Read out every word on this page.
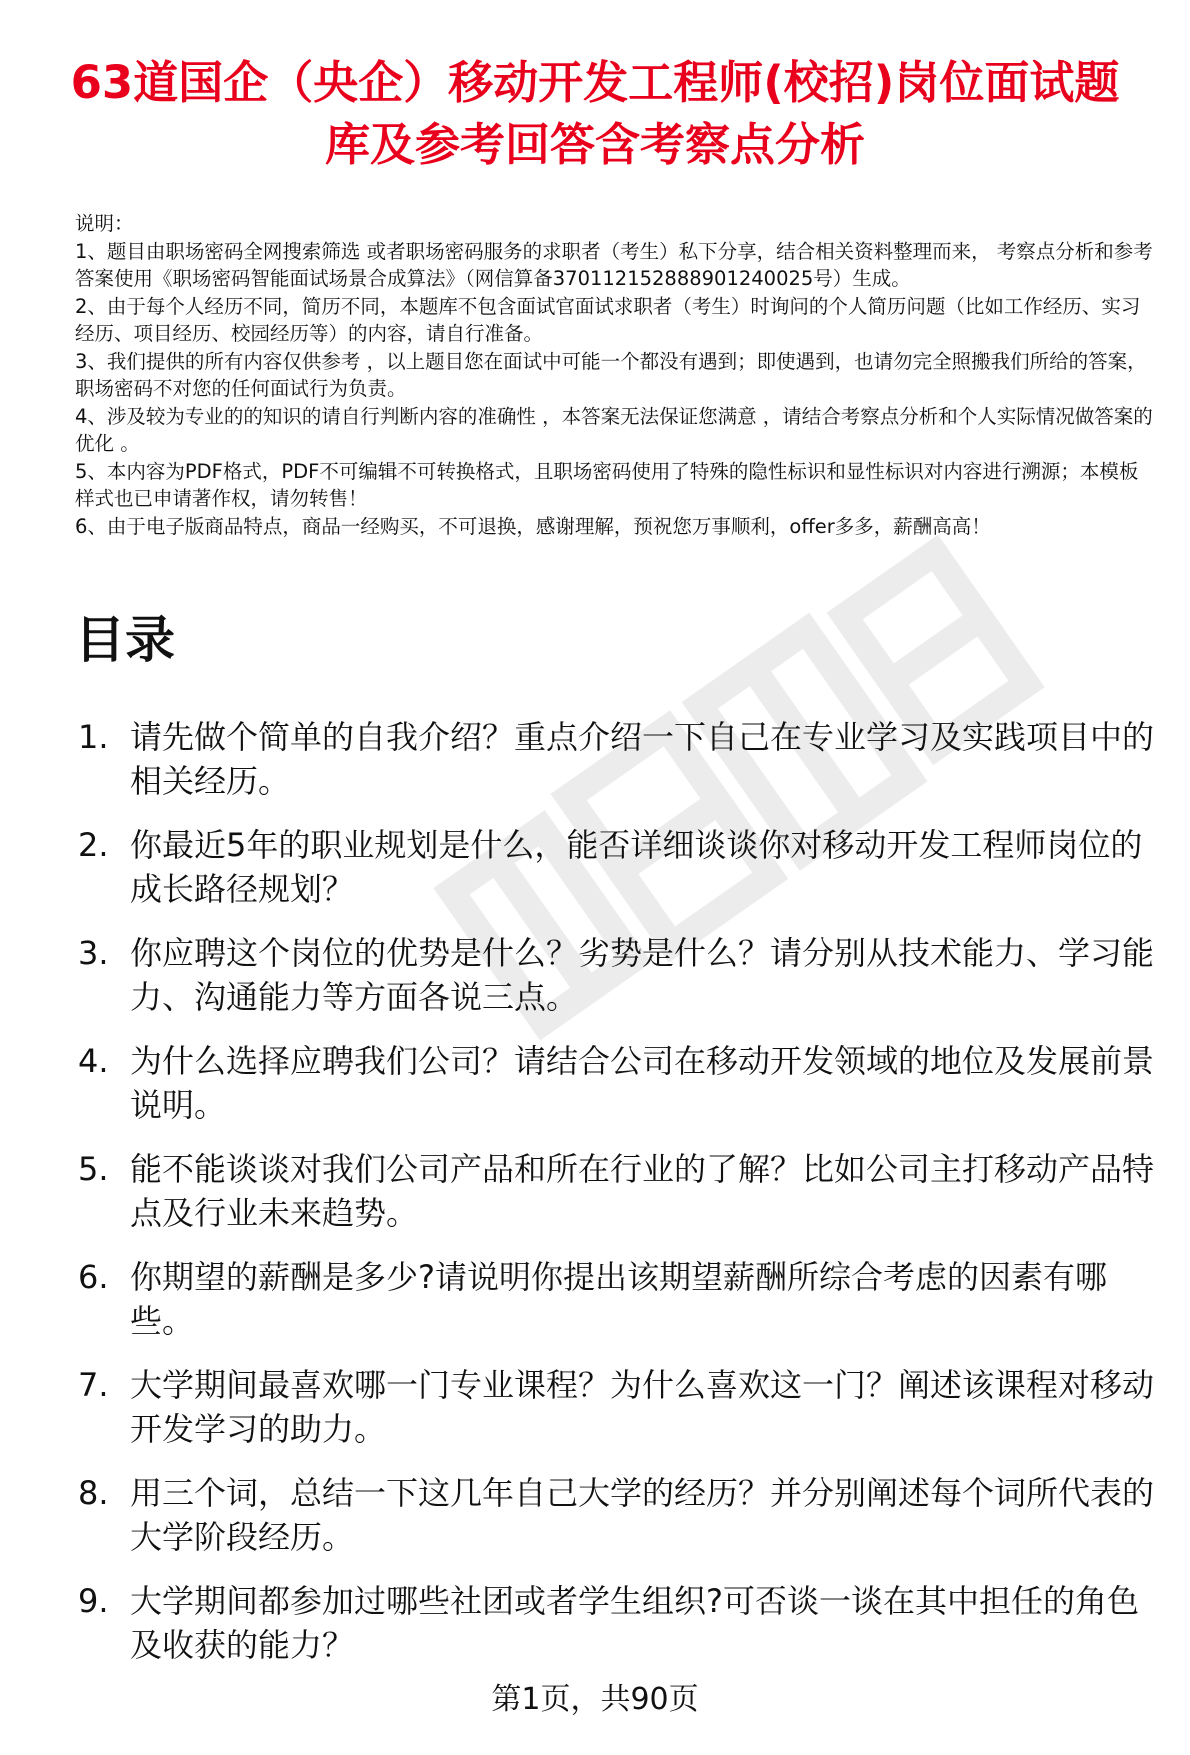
63道国企（央企）移动开发工程师(校招)岗位面试题库及参考回答含考察点分析
说明：
1、题目由职场密码全网搜索筛选 或者职场密码服务的求职者（考生）私下分享，结合相关资料整理而来， 考察点分析和参考答案使用《职场密码智能面试场景合成算法》（网信算备370112152888901240025号）生成。
2、由于每个人经历不同，简历不同，本题库不包含面试官面试求职者（考生）时询问的个人简历问题（比如工作经历、实习经历、项目经历、校园经历等）的内容，请自行准备。
3、我们提供的所有内容仅供参考 ，以上题目您在面试中可能一个都没有遇到；即使遇到，也请勿完全照搬我们所给的答案，职场密码不对您的任何面试行为负责。
4、涉及较为专业的的知识的请自行判断内容的准确性 ，本答案无法保证您满意 ，请结合考察点分析和个人实际情况做答案的优化 。
5、本内容为PDF格式，PDF不可编辑不可转换格式，且职场密码使用了特殊的隐性标识和显性标识对内容进行溯源；本模板样式也已申请著作权，请勿转售！
6、由于电子版商品特点，商品一经购买，不可退换，感谢理解，预祝您万事顺利，offer多多，薪酬高高！
目录
1. 请先做个简单的自我介绍？重点介绍一下自己在专业学习及实践项目中的相关经历。
2. 你最近5年的职业规划是什么，能否详细谈谈你对移动开发工程师岗位的成长路径规划？
3. 你应聘这个岗位的优势是什么？劣势是什么？请分别从技术能力、学习能力、沟通能力等方面各说三点。
4. 为什么选择应聘我们公司？请结合公司在移动开发领域的地位及发展前景说明。
5. 能不能谈谈对我们公司产品和所在行业的了解？比如公司主打移动产品特点及行业未来趋势。
6. 你期望的薪酬是多少?请说明你提出该期望薪酬所综合考虑的因素有哪些。
7. 大学期间最喜欢哪一门专业课程？为什么喜欢这一门？阐述该课程对移动开发学习的助力。
8. 用三个词，总结一下这几年自己大学的经历？并分别阐述每个词所代表的大学阶段经历。
9. 大学期间都参加过哪些社团或者学生组织?可否谈一谈在其中担任的角色及收获的能力？
第1页，共90页
